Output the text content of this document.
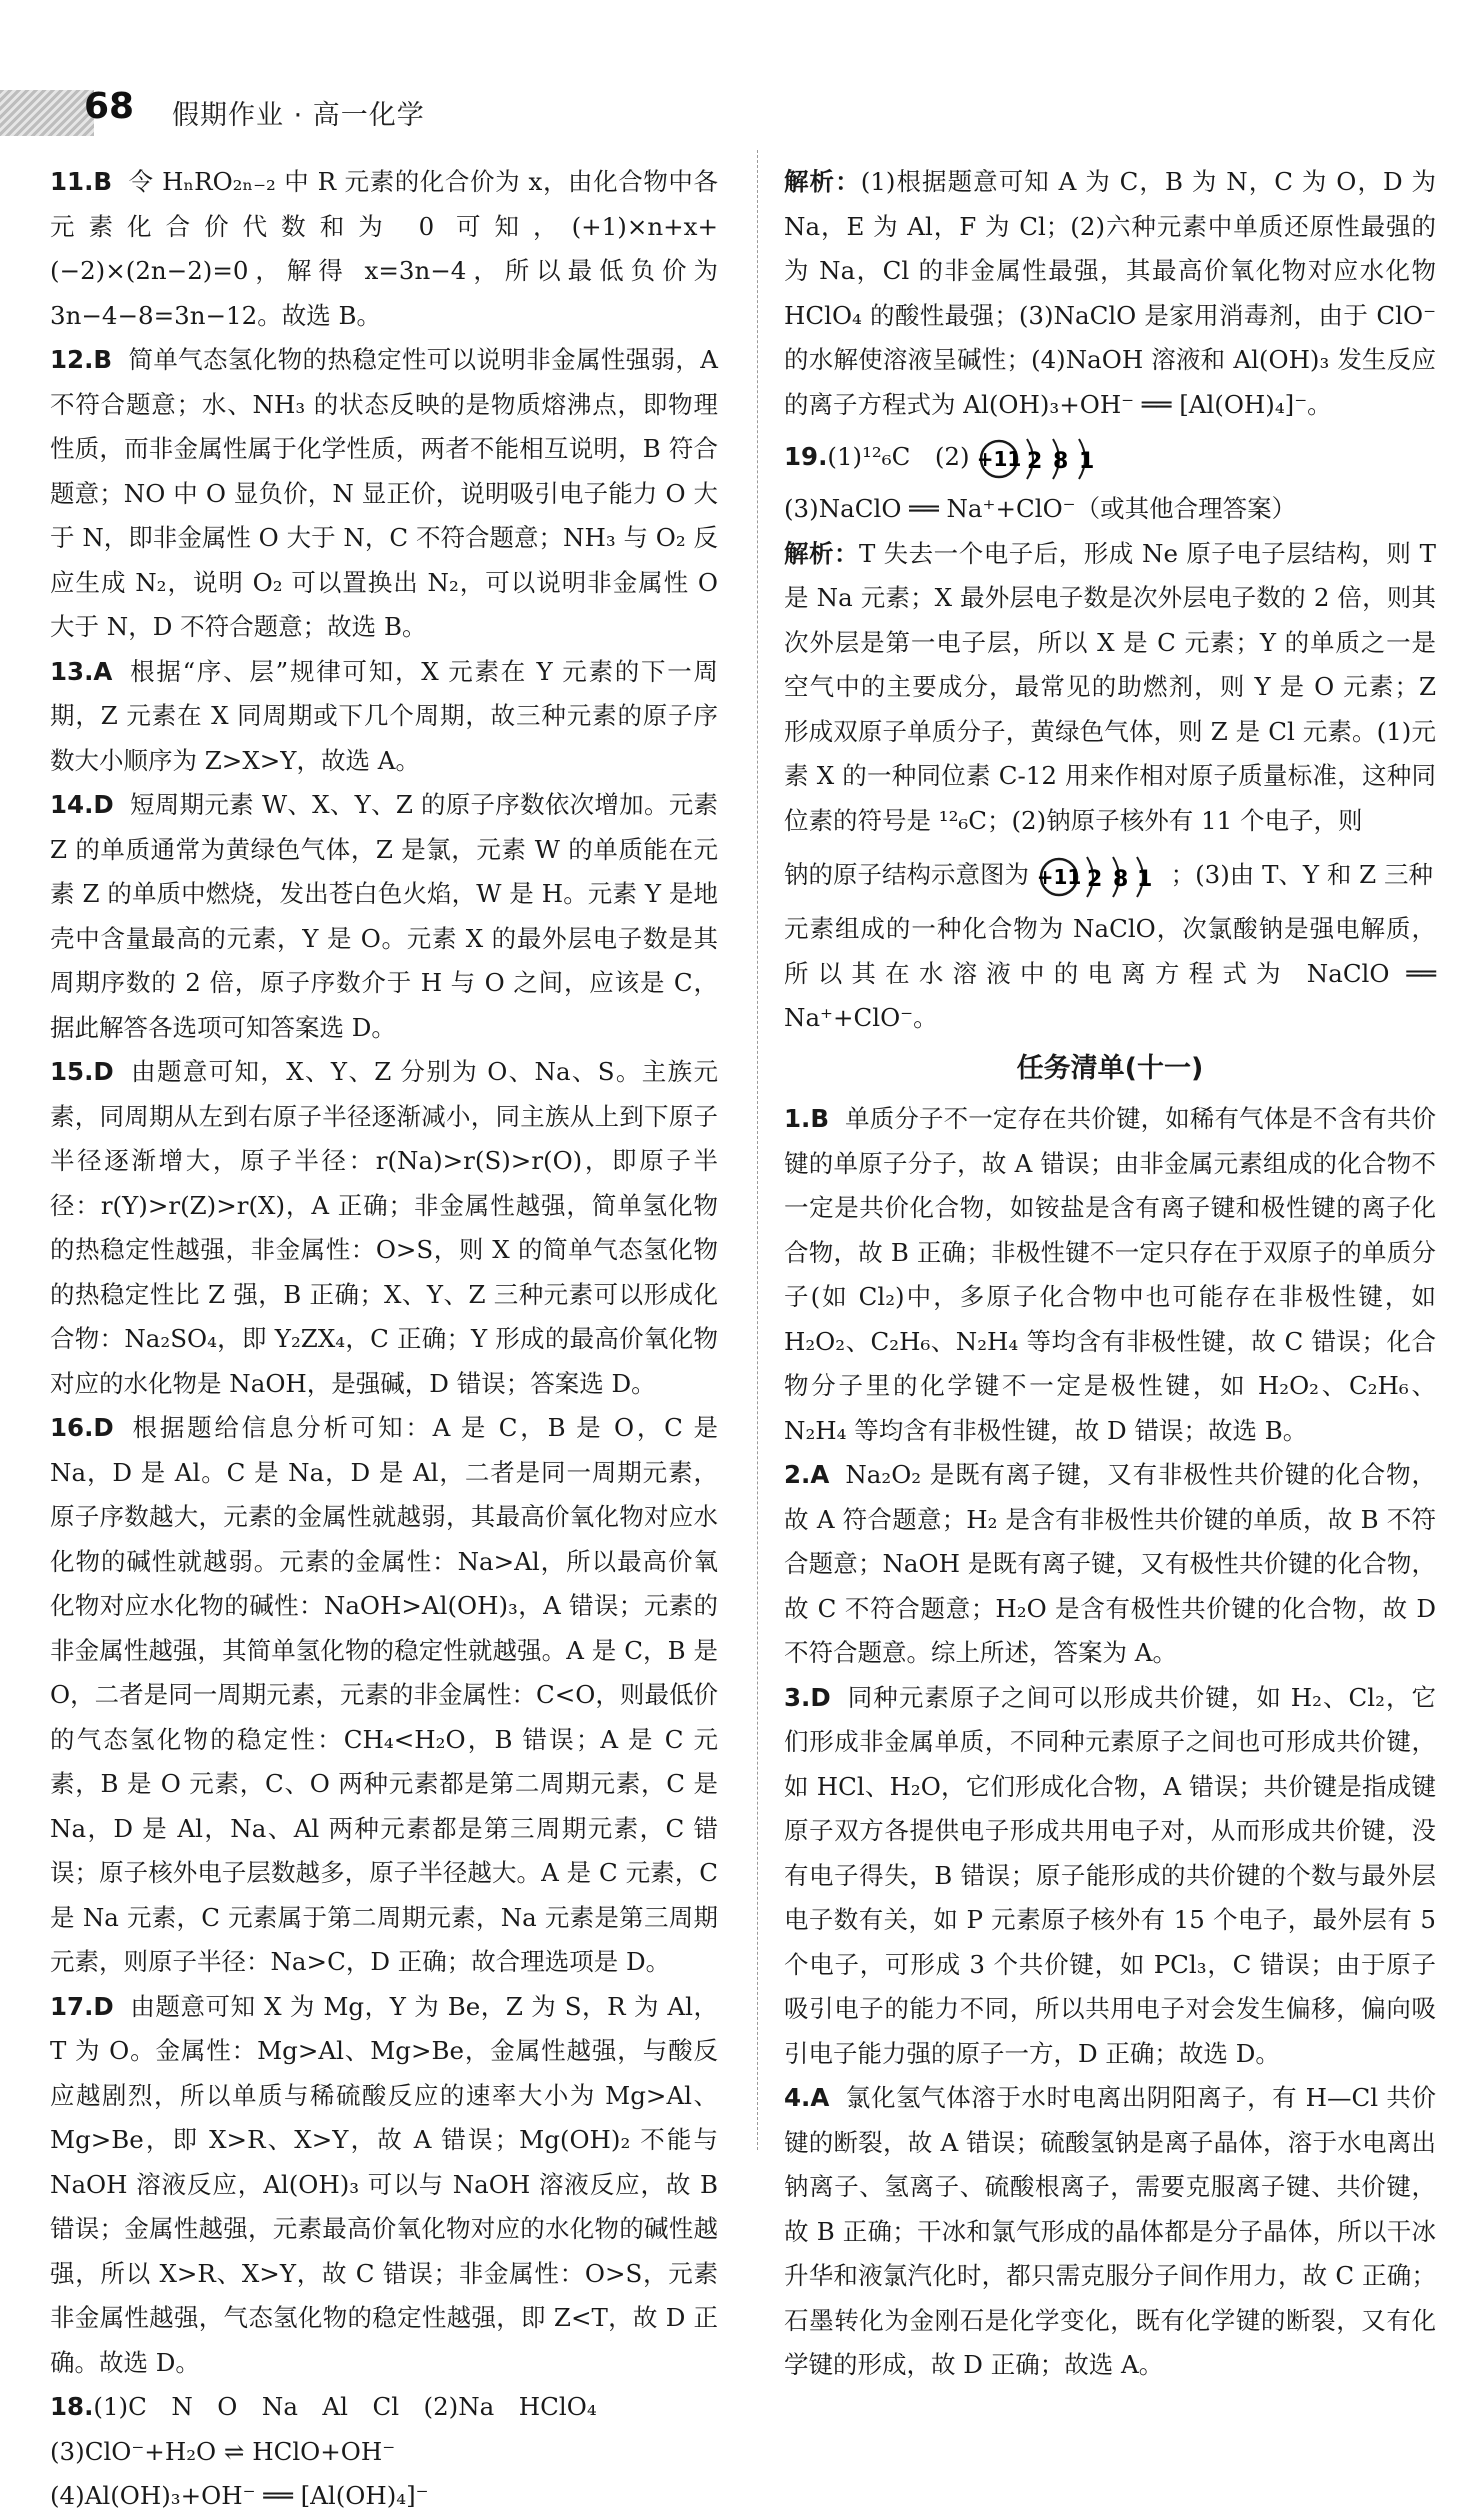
68 假期作业 · 高一化学

11.B 令 HₙRO₂ₙ₋₂ 中 R 元素的化合价为 x，由化合物中各元素化合价代数和为 0 可知，(+1)×n+x+(−2)×(2n−2)=0，解得 x=3n−4，所以最低负价为 3n−4−8=3n−12。故选 B。

12.B 简单气态氢化物的热稳定性可以说明非金属性强弱，A 不符合题意；水、NH₃ 的状态反映的是物质熔沸点，即物理性质，而非金属性属于化学性质，两者不能相互说明，B 符合题意；NO 中 O 显负价，N 显正价，说明吸引电子能力 O 大于 N，即非金属性 O 大于 N，C 不符合题意；NH₃ 与 O₂ 反应生成 N₂，说明 O₂ 可以置换出 N₂，可以说明非金属性 O 大于 N，D 不符合题意；故选 B。

13.A 根据“序、层”规律可知，X 元素在 Y 元素的下一周期，Z 元素在 X 同周期或下几个周期，故三种元素的原子序数大小顺序为 Z>X>Y，故选 A。

14.D 短周期元素 W、X、Y、Z 的原子序数依次增加。元素 Z 的单质通常为黄绿色气体，Z 是氯，元素 W 的单质能在元素 Z 的单质中燃烧，发出苍白色火焰，W 是 H。元素 Y 是地壳中含量最高的元素，Y 是 O。元素 X 的最外层电子数是其周期序数的 2 倍，原子序数介于 H 与 O 之间，应该是 C，据此解答各选项可知答案选 D。

15.D 由题意可知，X、Y、Z 分别为 O、Na、S。主族元素，同周期从左到右原子半径逐渐减小，同主族从上到下原子半径逐渐增大，原子半径：r(Na)>r(S)>r(O)，即原子半径：r(Y)>r(Z)>r(X)，A 正确；非金属性越强，简单氢化物的热稳定性越强，非金属性：O>S，则 X 的简单气态氢化物的热稳定性比 Z 强，B 正确；X、Y、Z 三种元素可以形成化合物：Na₂SO₄，即 Y₂ZX₄，C 正确；Y 形成的最高价氧化物对应的水化物是 NaOH，是强碱，D 错误；答案选 D。

16.D 根据题给信息分析可知：A 是 C，B 是 O，C 是 Na，D 是 Al。C 是 Na，D 是 Al，二者是同一周期元素，原子序数越大，元素的金属性就越弱，其最高价氧化物对应水化物的碱性就越弱。元素的金属性：Na>Al，所以最高价氧化物对应水化物的碱性：NaOH>Al(OH)₃，A 错误；元素的非金属性越强，其简单氢化物的稳定性就越强。A 是 C，B 是 O，二者是同一周期元素，元素的非金属性：C<O，则最低价的气态氢化物的稳定性：CH₄<H₂O，B 错误；A 是 C 元素，B 是 O 元素，C、O 两种元素都是第二周期元素，C 是 Na，D 是 Al，Na、Al 两种元素都是第三周期元素，C 错误；原子核外电子层数越多，原子半径越大。A 是 C 元素，C 是 Na 元素，C 元素属于第二周期元素，Na 元素是第三周期元素，则原子半径：Na>C，D 正确；故合理选项是 D。

17.D 由题意可知 X 为 Mg，Y 为 Be，Z 为 S，R 为 Al，T 为 O。金属性：Mg>Al、Mg>Be，金属性越强，与酸反应越剧烈，所以单质与稀硫酸反应的速率大小为 Mg>Al、Mg>Be，即 X>R、X>Y，故 A 错误；Mg(OH)₂ 不能与 NaOH 溶液反应，Al(OH)₃ 可以与 NaOH 溶液反应，故 B 错误；金属性越强，元素最高价氧化物对应的水化物的碱性越强，所以 X>R、X>Y，故 C 错误；非金属性：O>S，元素非金属性越强，气态氢化物的稳定性越强，即 Z<T，故 D 正确。故选 D。

18.(1)C　N　O　Na　Al　Cl　(2)Na　HClO₄
(3)ClO⁻+H₂O ⇌ HClO+OH⁻
(4)Al(OH)₃+OH⁻ ══ [Al(OH)₄]⁻

解析：(1)根据题意可知 A 为 C，B 为 N，C 为 O，D 为 Na，E 为 Al，F 为 Cl；(2)六种元素中单质还原性最强的为 Na，Cl 的非金属性最强，其最高价氧化物对应水化物 HClO₄ 的酸性最强；(3)NaClO 是家用消毒剂，由于 ClO⁻ 的水解使溶液呈碱性；(4)NaOH 溶液和 Al(OH)₃ 发生反应的离子方程式为 Al(OH)₃+OH⁻ ══ [Al(OH)₄]⁻。

19.(1)¹²₆C　(2) +11 2 8 1
(3)NaClO ══ Na⁺+ClO⁻（或其他合理答案）
解析：T 失去一个电子后，形成 Ne 原子电子层结构，则 T 是 Na 元素；X 最外层电子数是次外层电子数的 2 倍，则其次外层是第一电子层，所以 X 是 C 元素；Y 的单质之一是空气中的主要成分，最常见的助燃剂，则 Y 是 O 元素；Z 形成双原子单质分子，黄绿色气体，则 Z 是 Cl 元素。(1)元素 X 的一种同位素 C-12 用来作相对原子质量标准，这种同位素的符号是 ¹²₆C；(2)钠原子核外有 11 个电子，则
钠的原子结构示意图为 +11 2 8 1 ；(3)由 T、Y 和 Z 三种
元素组成的一种化合物为 NaClO，次氯酸钠是强电解质，所以其在水溶液中的电离方程式为 NaClO ══ Na⁺+ClO⁻。

任务清单(十一)

1.B 单质分子不一定存在共价键，如稀有气体是不含有共价键的单原子分子，故 A 错误；由非金属元素组成的化合物不一定是共价化合物，如铵盐是含有离子键和极性键的离子化合物，故 B 正确；非极性键不一定只存在于双原子的单质分子(如 Cl₂)中，多原子化合物中也可能存在非极性键，如 H₂O₂、C₂H₆、N₂H₄ 等均含有非极性键，故 C 错误；化合物分子里的化学键不一定是极性键，如 H₂O₂、C₂H₆、N₂H₄ 等均含有非极性键，故 D 错误；故选 B。

2.A Na₂O₂ 是既有离子键，又有非极性共价键的化合物，故 A 符合题意；H₂ 是含有非极性共价键的单质，故 B 不符合题意；NaOH 是既有离子键，又有极性共价键的化合物，故 C 不符合题意；H₂O 是含有极性共价键的化合物，故 D 不符合题意。综上所述，答案为 A。

3.D 同种元素原子之间可以形成共价键，如 H₂、Cl₂，它们形成非金属单质，不同种元素原子之间也可形成共价键，如 HCl、H₂O，它们形成化合物，A 错误；共价键是指成键原子双方各提供电子形成共用电子对，从而形成共价键，没有电子得失，B 错误；原子能形成的共价键的个数与最外层电子数有关，如 P 元素原子核外有 15 个电子，最外层有 5 个电子，可形成 3 个共价键，如 PCl₃，C 错误；由于原子吸引电子的能力不同，所以共用电子对会发生偏移，偏向吸引电子能力强的原子一方，D 正确；故选 D。

4.A 氯化氢气体溶于水时电离出阴阳离子，有 H—Cl 共价键的断裂，故 A 错误；硫酸氢钠是离子晶体，溶于水电离出钠离子、氢离子、硫酸根离子，需要克服离子键、共价键，故 B 正确；干冰和氯气形成的晶体都是分子晶体，所以干冰升华和液氯汽化时，都只需克服分子间作用力，故 C 正确；石墨转化为金刚石是化学变化，既有化学键的断裂，又有化学键的形成，故 D 正确；故选 A。
